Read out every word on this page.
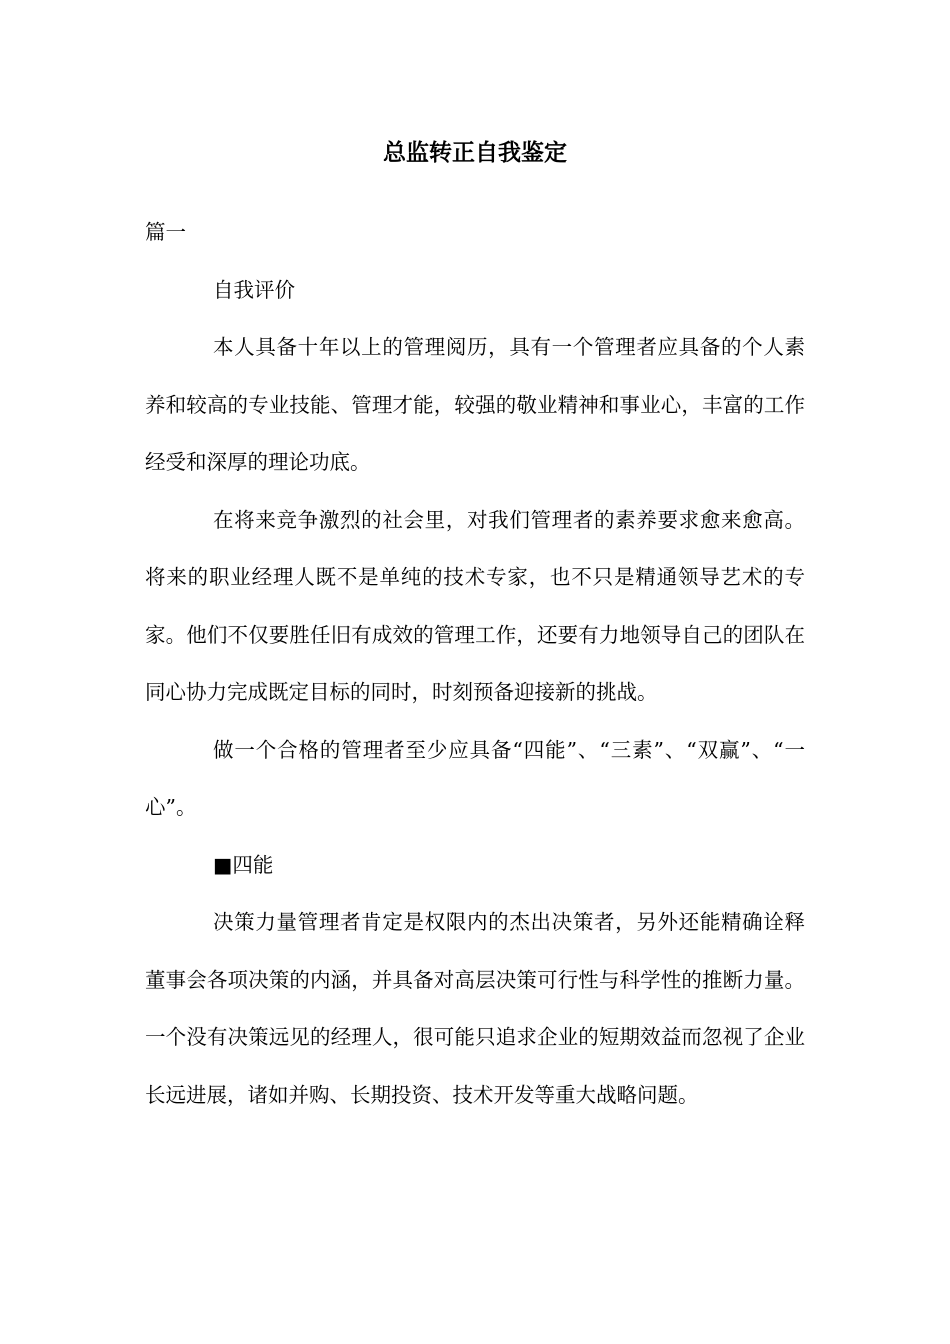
总监转正自我鉴定

篇一

自我评价

本人具备十年以上的管理阅历，具有一个管理者应具备的个人素养和较高的专业技能、管理才能，较强的敬业精神和事业心，丰富的工作经受和深厚的理论功底。

在将来竞争激烈的社会里，对我们管理者的素养要求愈来愈高。将来的职业经理人既不是单纯的技术专家，也不只是精通领导艺术的专家。他们不仅要胜任旧有成效的管理工作，还要有力地领导自己的团队在同心协力完成既定目标的同时，时刻预备迎接新的挑战。

做一个合格的管理者至少应具备“四能”、“三素”、“双赢”、“一心”。

■四能

决策力量管理者肯定是权限内的杰出决策者，另外还能精确诠释董事会各项决策的内涵，并具备对高层决策可行性与科学性的推断力量。一个没有决策远见的经理人，很可能只追求企业的短期效益而忽视了企业长远进展，诸如并购、长期投资、技术开发等重大战略问题。
